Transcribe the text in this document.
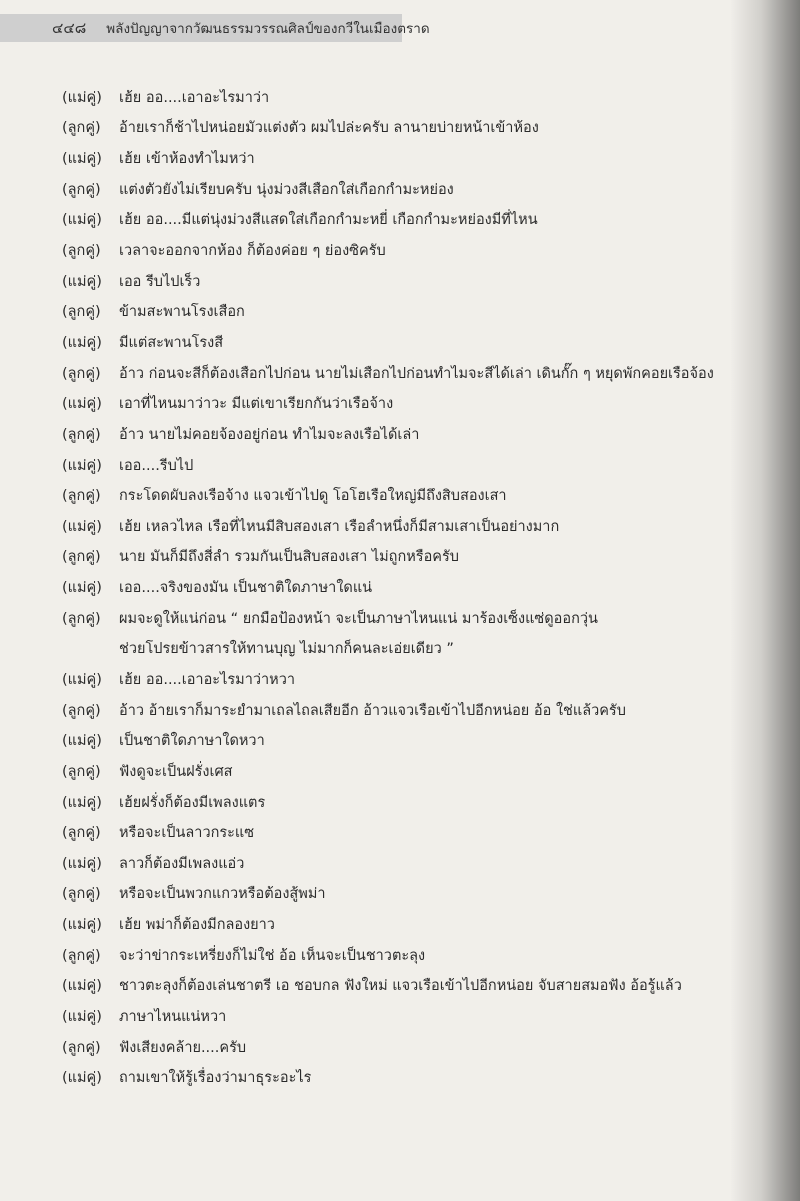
๔๔๘ พลังปัญญาจากวัฒนธรรมวรรณศิลป์ของกวีในเมืองตราด
(แม่คู่)	เฮ้ย ออ....เอาอะไรมาว่า
(ลูกคู่)	อ้ายเราก็ช้าไปหน่อยมัวแต่งตัว ผมไปล่ะครับ ลานายบ่ายหน้าเข้าห้อง
(แม่คู่)	เฮ้ย เข้าห้องทำไมหว่า
(ลูกคู่)	แต่งตัวยังไม่เรียบครับ นุ่งม่วงสีเสือกใส่เกือกกำมะหย่อง
(แม่คู่)	เฮ้ย ออ....มีแต่นุ่งม่วงสีแสดใส่เกือกกำมะหยี่ เกือกกำมะหย่องมีที่ไหน
(ลูกคู่)	เวลาจะออกจากห้อง ก็ต้องค่อย ๆ ย่องซิครับ
(แม่คู่)	เออ รีบไปเร็ว
(ลูกคู่)	ข้ามสะพานโรงเสือก
(แม่คู่)	มีแต่สะพานโรงสี
(ลูกคู่)	อ้าว ก่อนจะสีก็ต้องเสือกไปก่อน นายไม่เสือกไปก่อนทำไมจะสีได้เล่า เดินกั๊ก ๆ หยุดพักคอยเรือจ้อง
(แม่คู่)	เอาที่ไหนมาว่าวะ มีแต่เขาเรียกกันว่าเรือจ้าง
(ลูกคู่)	อ้าว นายไม่คอยจ้องอยู่ก่อน ทำไมจะลงเรือได้เล่า
(แม่คู่)	เออ....รีบไป
(ลูกคู่)	กระโดดผับลงเรือจ้าง แจวเข้าไปดู โอโฮเรือใหญ่มีถึงสิบสองเสา
(แม่คู่)	เฮ้ย เหลวไหล เรือที่ไหนมีสิบสองเสา เรือลำหนึ่งก็มีสามเสาเป็นอย่างมาก
(ลูกคู่)	นาย มันก็มีถึงสี่ลำ รวมกันเป็นสิบสองเสา ไม่ถูกหรือครับ
(แม่คู่)	เออ....จริงของมัน เป็นชาติใดภาษาใดแน่
(ลูกคู่)	ผมจะดูให้แน่ก่อน “ ยกมือป้องหน้า จะเป็นภาษาไหนแน่ มาร้องเซ็งแซ่ดูออกวุ่น
ช่วยโปรยข้าวสารให้ทานบุญ ไม่มากก็คนละเอ่ยเดียว ”
(แม่คู่)	เฮ้ย ออ....เอาอะไรมาว่าหวา
(ลูกคู่)	อ้าว อ้ายเราก็มาระยำมาเถลไถลเสียอีก อ้าวแจวเรือเข้าไปอีกหน่อย อ้อ ใช่แล้วครับ
(แม่คู่)	เป็นชาติใดภาษาใดหวา
(ลูกคู่)	ฟังดูจะเป็นฝรั่งเศส
(แม่คู่)	เฮ้ยฝรั่งก็ต้องมีเพลงแตร
(ลูกคู่)	หรือจะเป็นลาวกระแซ
(แม่คู่)	ลาวก็ต้องมีเพลงแอ่ว
(ลูกคู่)	หรือจะเป็นพวกแกวหรือต้องสู้พม่า
(แม่คู่)	เฮ้ย พม่าก็ต้องมีกลองยาว
(ลูกคู่)	จะว่าข่ากระเหรี่ยงก็ไม่ใช่ อ้อ เห็นจะเป็นชาวตะลุง
(แม่คู่)	ชาวตะลุงก็ต้องเล่นชาตรี เอ ชอบกล ฟังใหม่ แจวเรือเข้าไปอีกหน่อย จับสายสมอฟัง อ้อรู้แล้ว
(แม่คู่)	ภาษาไหนแน่หวา
(ลูกคู่)	ฟังเสียงคล้าย....ครับ
(แม่คู่)	ถามเขาให้รู้เรื่องว่ามาธุระอะไร
